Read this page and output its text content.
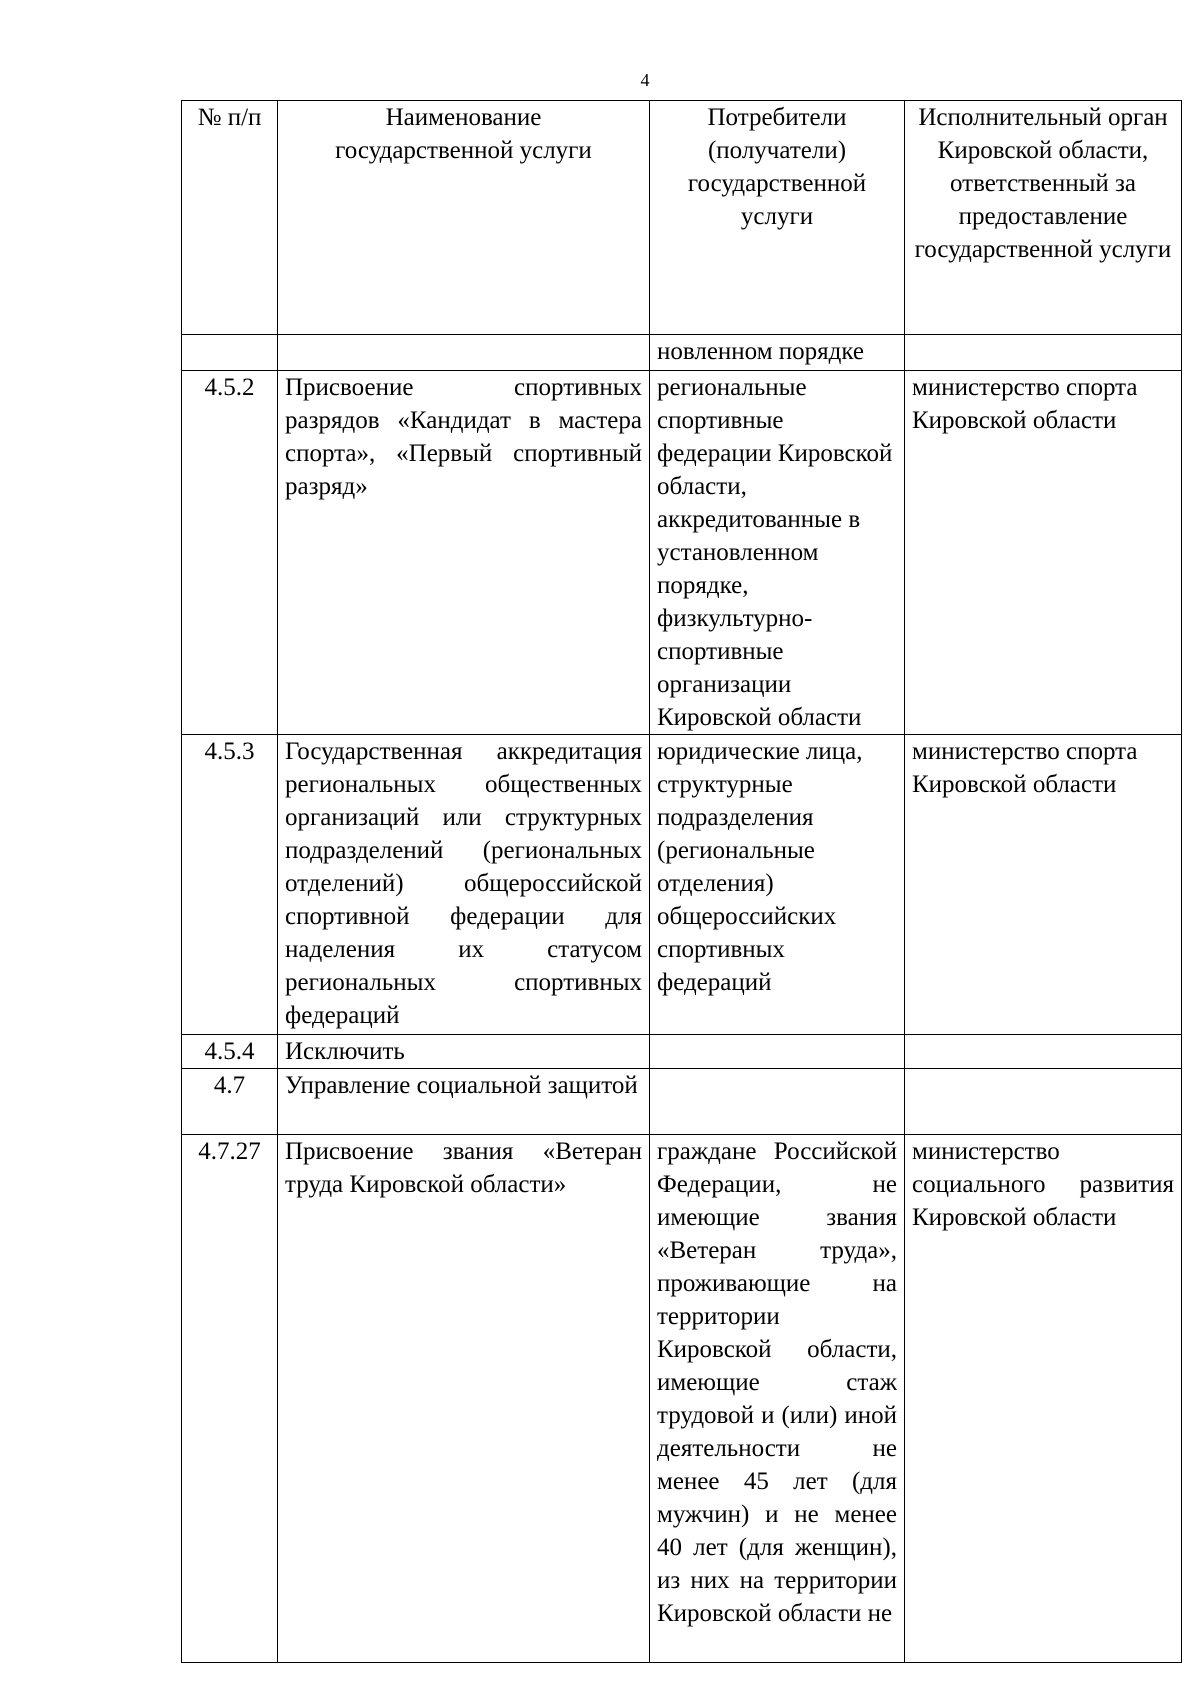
4
№ п/п	Наименование государственной услуги	Потребители (получатели) государственной услуги	Исполнительный орган Кировской области, ответственный за предоставление государственной услуги
		новленном порядке	
4.5.2	Присвоение спортивных разрядов «Кандидат в мастера спорта», «Первый спортивный разряд»	региональные спортивные федерации Кировской области, аккредитованные в установленном порядке, физкультурно-спортивные организации Кировской области	министерство спорта Кировской области
4.5.3	Государственная аккредитация региональных общественных организаций или структурных подразделений (региональных отделений) общероссийской спортивной федерации для наделения их статусом региональных спортивных федераций	юридические лица, структурные подразделения (региональные отделения) общероссийских спортивных федераций	министерство спорта Кировской области
4.5.4	Исключить		
4.7	Управление социальной защитой		
4.7.27	Присвоение звания «Ветеран труда Кировской области»	граждане Российской Федерации, не имеющие звания «Ветеран труда», проживающие на территории Кировской области, имеющие стаж трудовой и (или) иной деятельности не менее 45 лет (для мужчин) и не менее 40 лет (для женщин), из них на территории Кировской области не	министерство социального развития Кировской области
